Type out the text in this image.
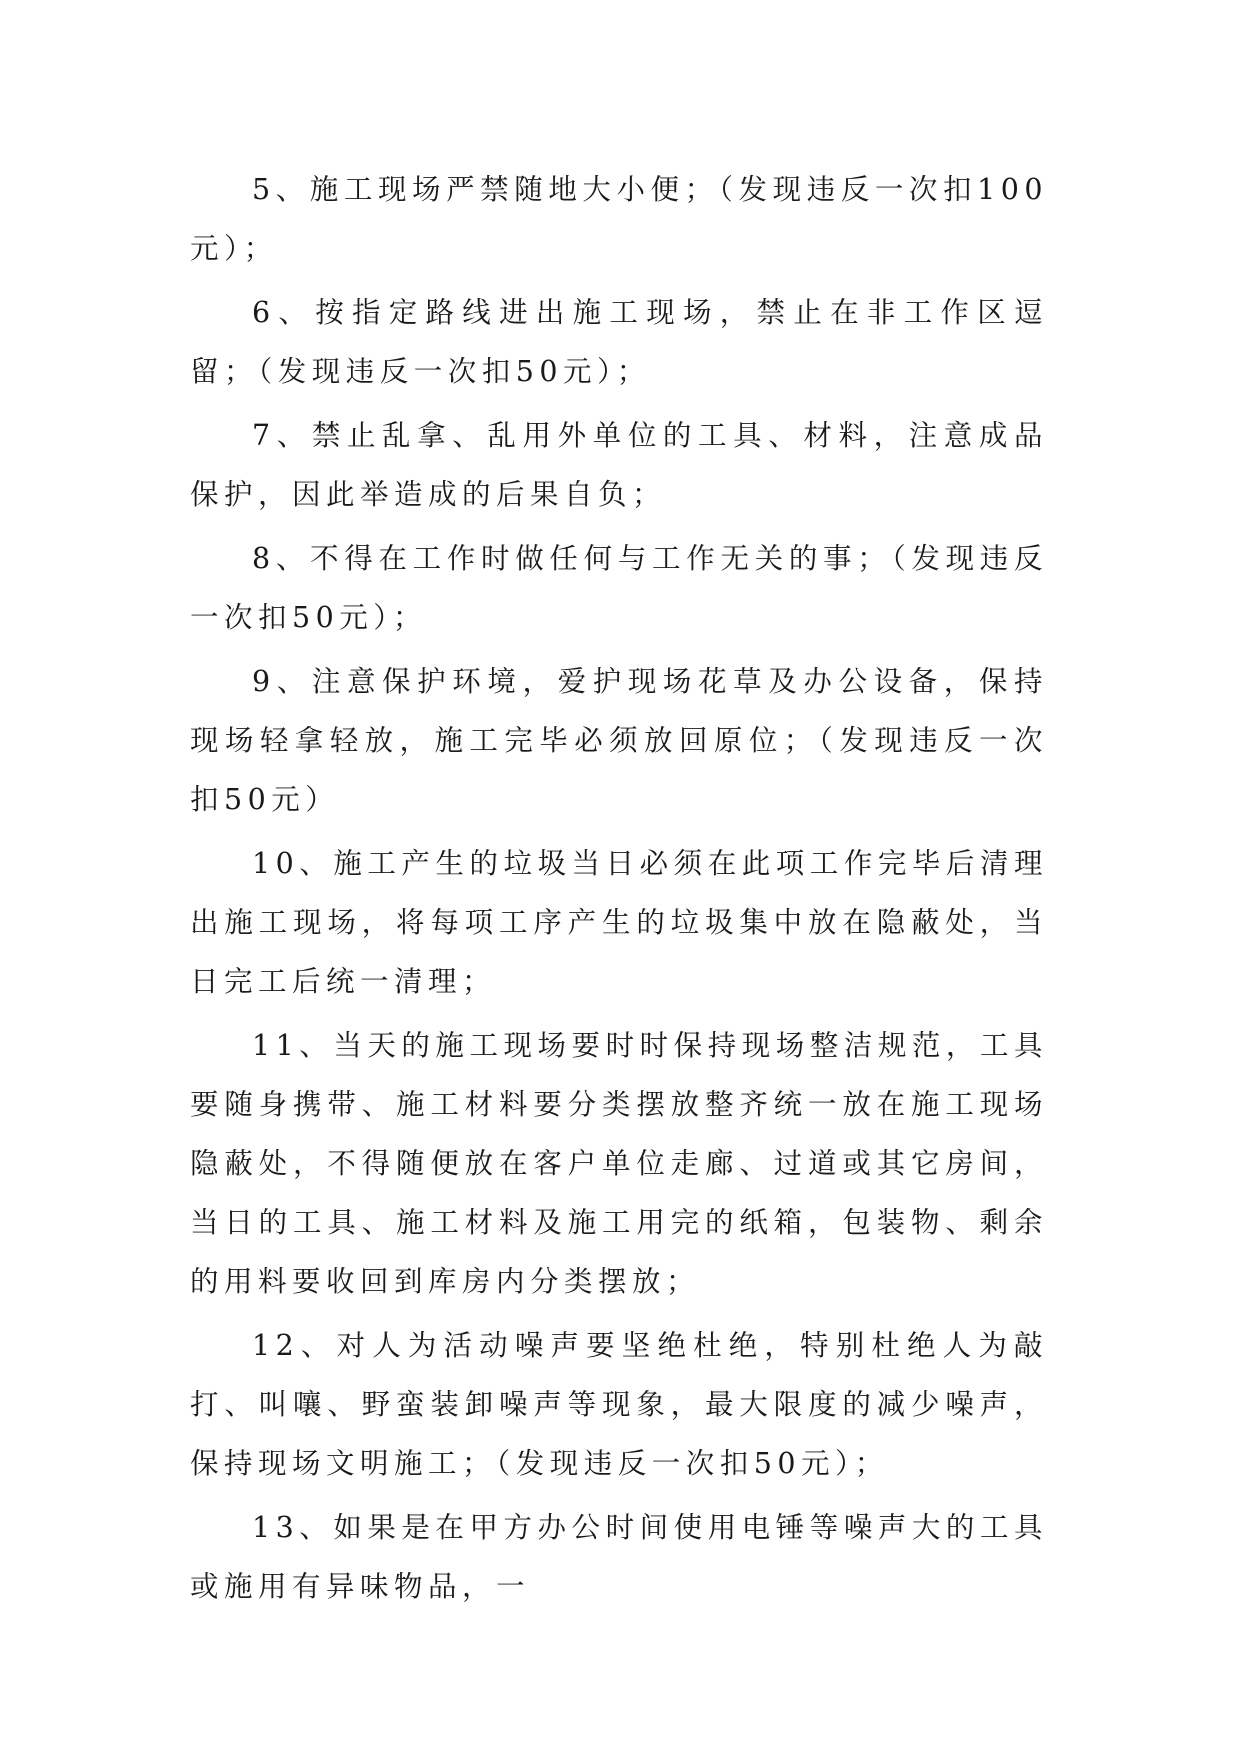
5、施工现场严禁随地大小便；（发现违反一次扣100元）；

6、按指定路线进出施工现场，禁止在非工作区逗留；（发现违反一次扣50元）；

7、禁止乱拿、乱用外单位的工具、材料，注意成品保护，因此举造成的后果自负；

8、不得在工作时做任何与工作无关的事；（发现违反一次扣50元）；

9、注意保护环境，爱护现场花草及办公设备，保持现场轻拿轻放，施工完毕必须放回原位；（发现违反一次扣50元）

10、施工产生的垃圾当日必须在此项工作完毕后清理出施工现场，将每项工序产生的垃圾集中放在隐蔽处，当日完工后统一清理；

11、当天的施工现场要时时保持现场整洁规范，工具要随身携带、施工材料要分类摆放整齐统一放在施工现场隐蔽处，不得随便放在客户单位走廊、过道或其它房间，当日的工具、施工材料及施工用完的纸箱，包装物、剩余的用料要收回到库房内分类摆放；

12、对人为活动噪声要坚绝杜绝，特别杜绝人为敲打、叫嚷、野蛮装卸噪声等现象，最大限度的减少噪声，保持现场文明施工；（发现违反一次扣50元）；

13、如果是在甲方办公时间使用电锤等噪声大的工具或施用有异味物品，一
